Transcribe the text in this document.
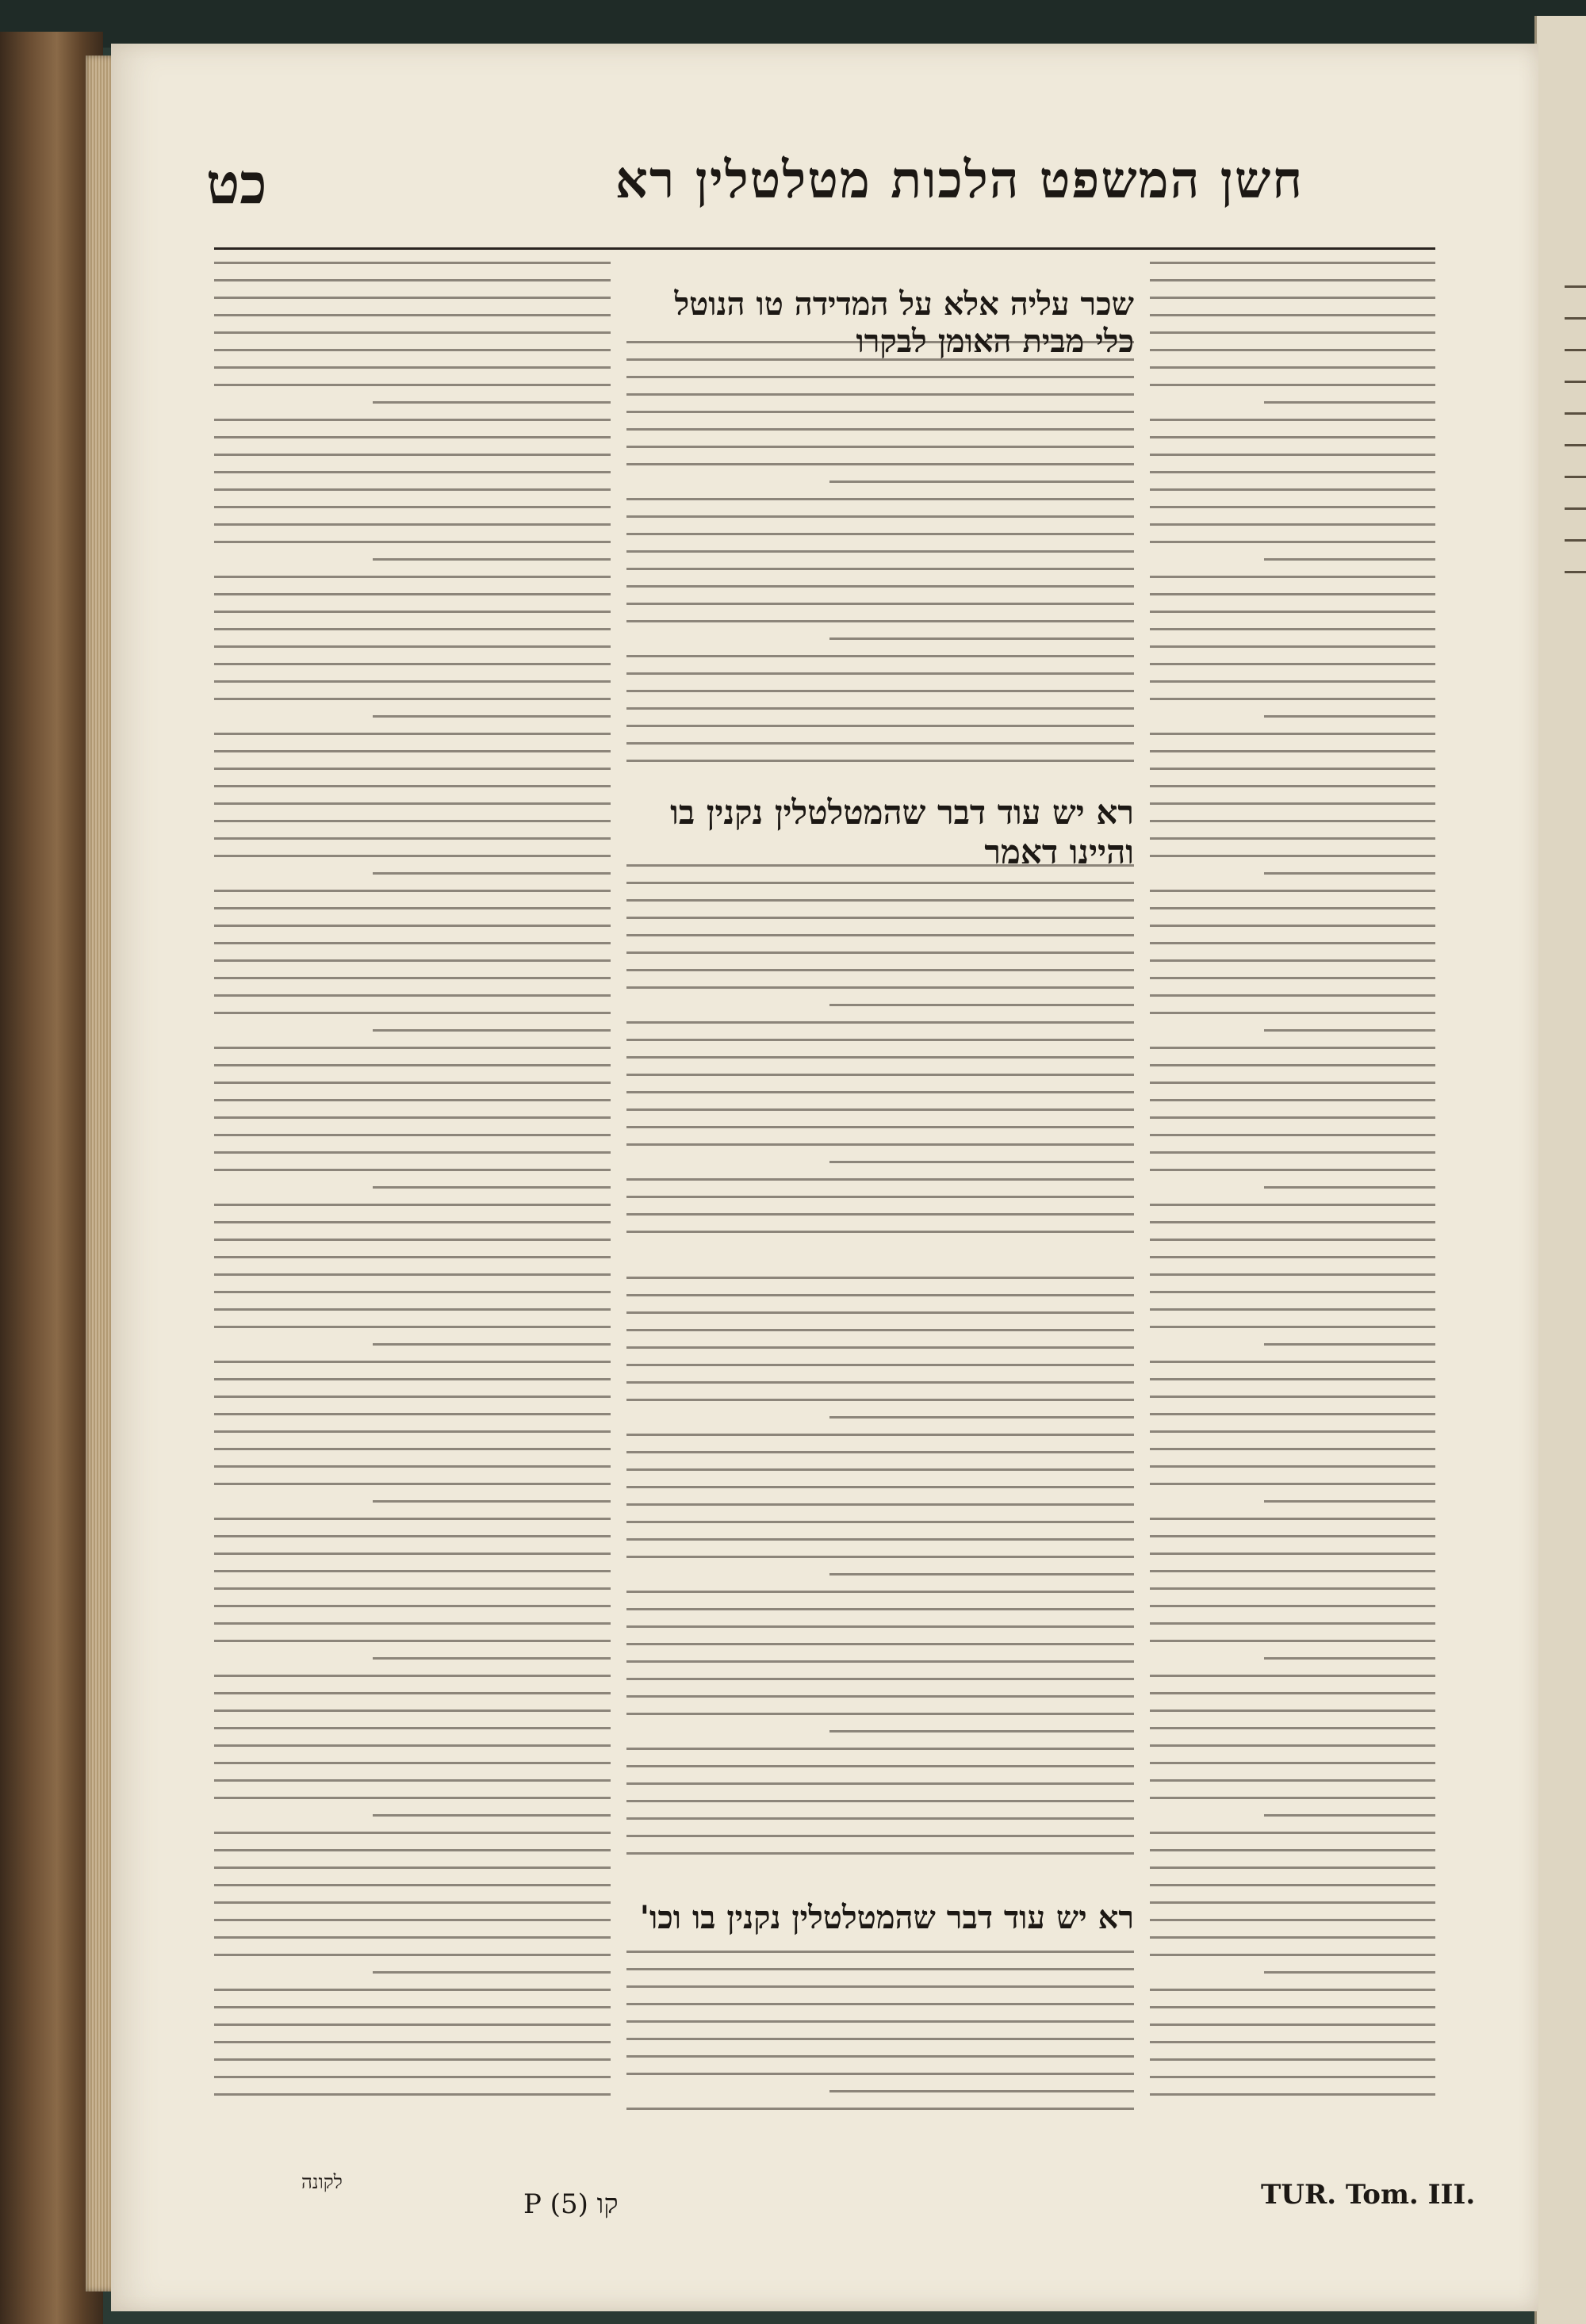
כט	חשן המשפט הלכות מטלטלין רא
שכר עליה אלא על המדידה טו הנוטל כלי מבית האומן לבקרו
רא יש עוד דבר שהמטלטלין נקנין בו והיינו דאמר
רא יש עוד דבר שהמטלטלין נקנין בו וכו'
לקונה
P (5) קו	TUR. Tom. III.
